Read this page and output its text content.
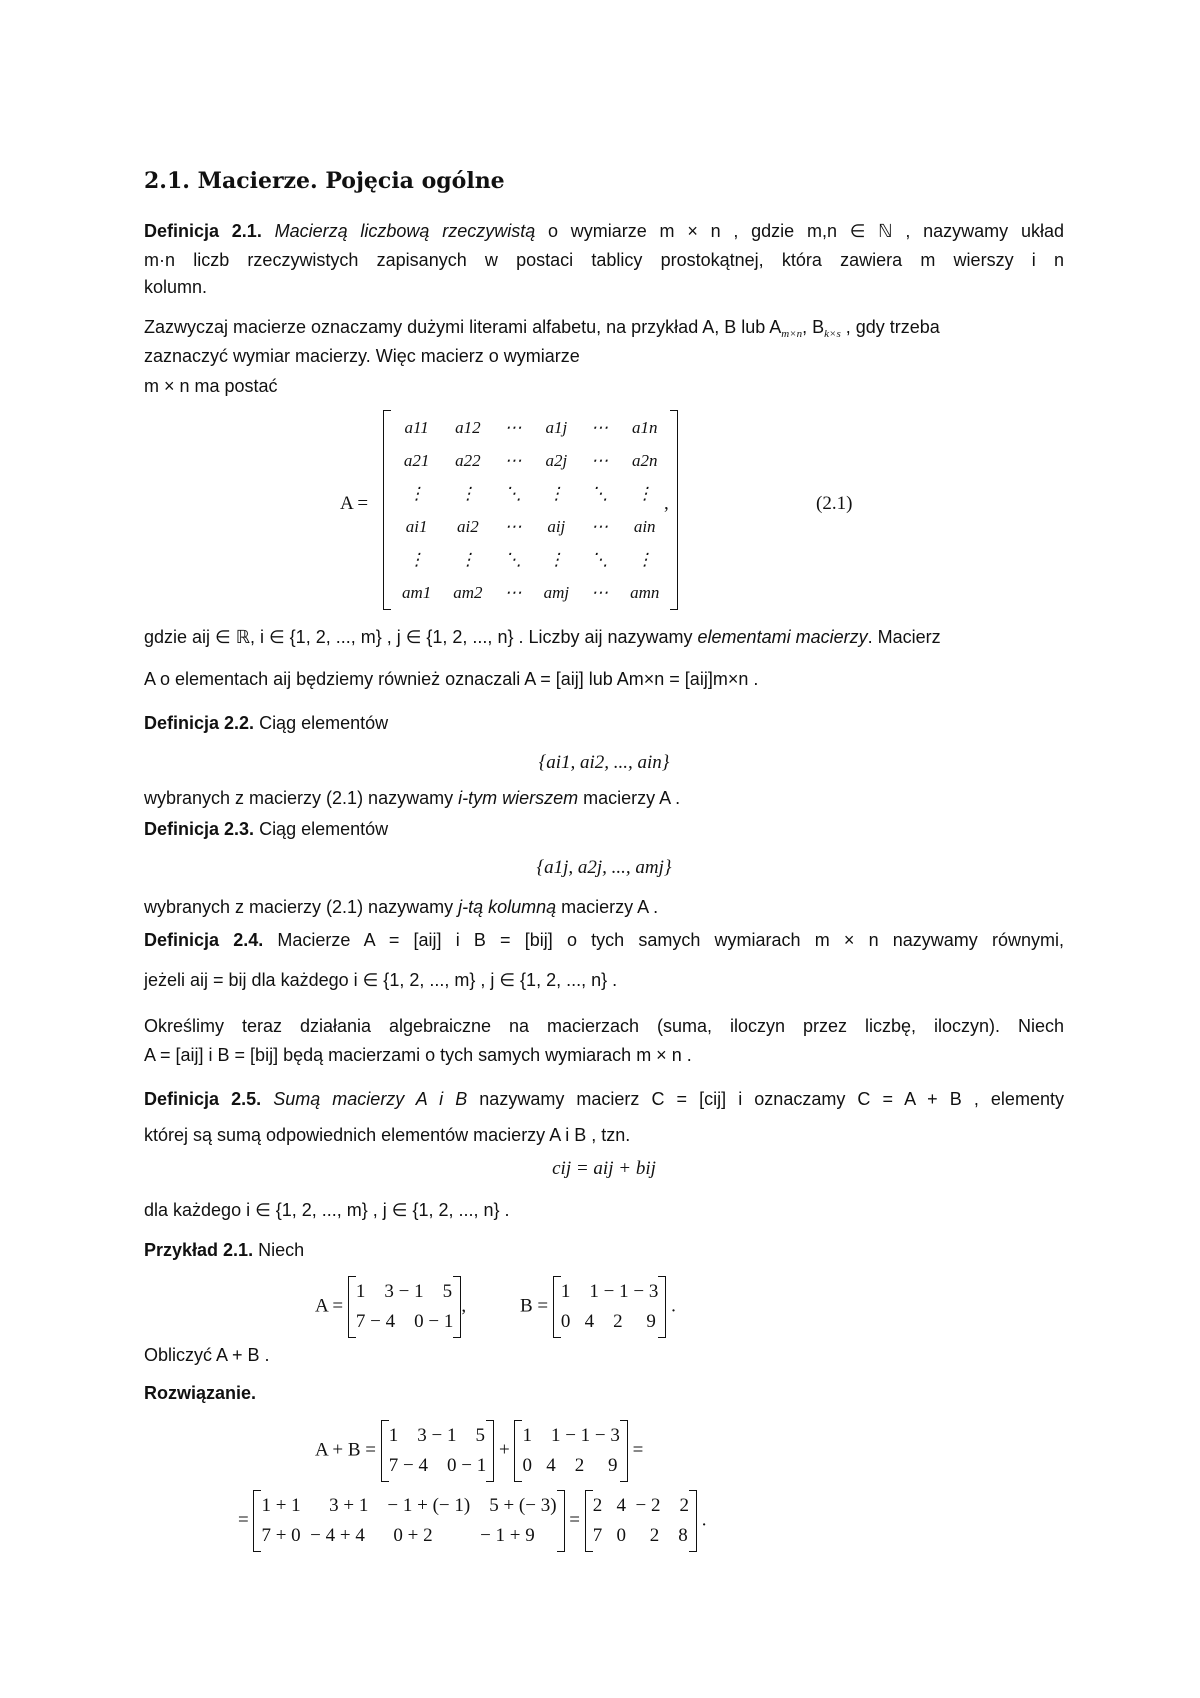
2.1. Macierze. Pojęcia ogólne
Definicja 2.1. Macierzą liczbową rzeczywistą o wymiarze m × n , gdzie m,n ∈ ℕ , nazywamy układ
m·n liczb rzeczywistych zapisanych w postaci tablicy prostokątnej, która zawiera m wierszy i n
kolumn.
Zazwyczaj macierze oznaczamy dużymi literami alfabetu, na przykład A, B lub $A_{m\times n}$, $B_{k\times s}$ , gdy trzeba
zaznaczyć wymiar macierzy. Więc macierz o wymiarze
m × n ma postać
A =
a11	a12	⋯	a1j	⋯	a1n
a21	a22	⋯	a2j	⋯	a2n
⋮	⋮	⋱	⋮	⋱	⋮
ai1	ai2	⋯	aij	⋯	ain
⋮	⋮	⋱	⋮	⋱	⋮
am1	am2	⋯	amj	⋯	amn
,	(2.1)
gdzie aij ∈ ℝ, i ∈ {1, 2, ..., m} , j ∈ {1, 2, ..., n} . Liczby aij nazywamy elementami macierzy. Macierz
A o elementach aij będziemy również oznaczali A = [aij] lub Am×n = [aij]m×n .
Definicja 2.2. Ciąg elementów
{ai1, ai2, ..., ain}
wybranych z macierzy (2.1) nazywamy i-tym wierszem macierzy A .
Definicja 2.3. Ciąg elementów
{a1j, a2j, ..., amj}
wybranych z macierzy (2.1) nazywamy j-tą kolumną macierzy A .
Definicja 2.4. Macierze A = [aij] i B = [bij] o tych samych wymiarach m × n nazywamy równymi,
jeżeli aij = bij dla każdego i ∈ {1, 2, ..., m} , j ∈ {1, 2, ..., n} .
Określimy teraz działania algebraiczne na macierzach (suma, iloczyn przez liczbę, iloczyn). Niech
A = [aij] i B = [bij] będą macierzami o tych samych wymiarach m × n .
Definicja 2.5. Sumą macierzy A i B nazywamy macierz C = [cij] i oznaczamy C = A + B , elementy
której są sumą odpowiednich elementów macierzy A i B , tzn.
cij = aij + bij
dla każdego i ∈ {1, 2, ..., m} , j ∈ {1, 2, ..., n} .
Przykład 2.1. Niech
A =
1    3 − 1    5
7 − 4    0 − 1
,	B =
1    1 − 1 − 3
0   4    2     9
.
Obliczyć A + B .
Rozwiązanie.
A + B =
1    3 − 1    5
7 − 4    0 − 1
+
1    1 − 1 − 3
0   4    2     9
=
=
1 + 1      3 + 1    − 1 + (− 1)    5 + (− 3)
7 + 0  − 4 + 4      0 + 2          − 1 + 9
=
2   4  − 2    2
7   0     2    8
.
